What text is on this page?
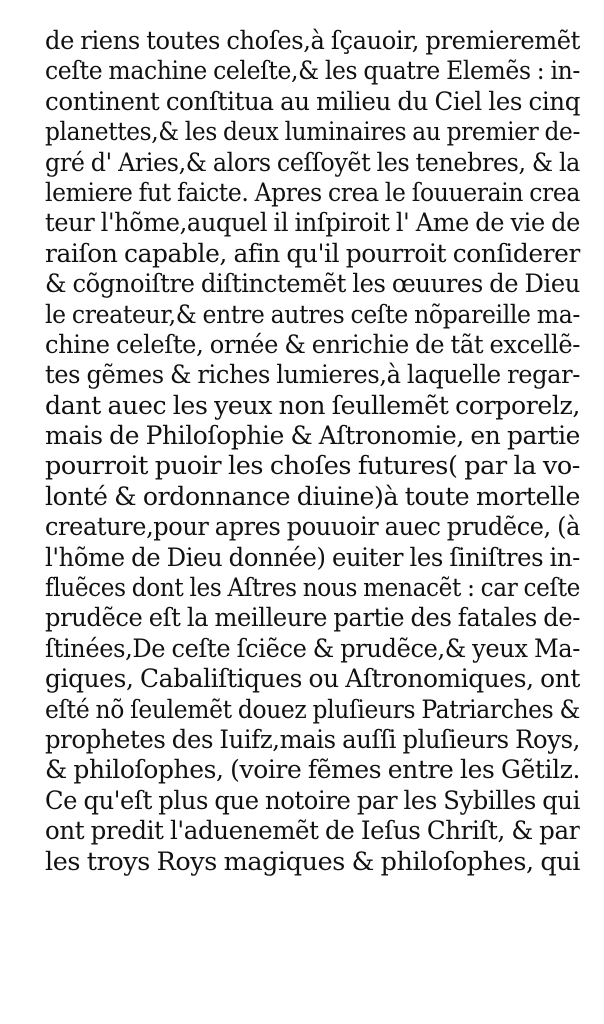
de riens toutes choſes,à ſçauoir, premieremẽt
ceſte machine celeſte,& les quatre Elemẽs : in-
continent conſtitua au milieu du Ciel les cinq
planettes,& les deux luminaires au premier de-
gré d' Aries,& alors ceſſoyẽt les tenebres, & la
lemiere fut faicte. Apres crea le ſouuerain crea
teur l'hõme,auquel il inſpiroit l' Ame de vie de
raiſon capable, afin qu'il pourroit conſiderer
& cõgnoiſtre diſtinctemẽt les œuures de Dieu
le createur,& entre autres ceſte nõpareille ma-
chine celeſte, ornée & enrichie de tãt excellẽ-
tes gẽmes & riches lumieres,à laquelle regar-
dant auec les yeux non ſeullemẽt corporelz,
mais de Philoſophie & Aſtronomie, en partie
pourroit puoir les choſes futures( par la vo-
lonté & ordonnance diuine)à toute mortelle
creature,pour apres pouuoir auec prudẽce, (à
l'hõme de Dieu donnée) euiter les ſiniſtres in-
fluẽces dont les Aſtres nous menacẽt : car ceſte
prudẽce eſt la meilleure partie des fatales de-
ſtinées,De ceſte ſciẽce & prudẽce,& yeux Ma-
giques, Cabaliſtiques ou Aſtronomiques, ont
eſté nõ ſeulemẽt douez pluſieurs Patriarches &
prophetes des Iuifz,mais auſſi pluſieurs Roys,
& philoſophes, (voire fẽmes entre les Gẽtilz.
Ce qu'eſt plus que notoire par les Sybilles qui
ont predit l'aduenemẽt de Ieſus Chriſt, & par
les troys Roys magiques & philoſophes, qui
